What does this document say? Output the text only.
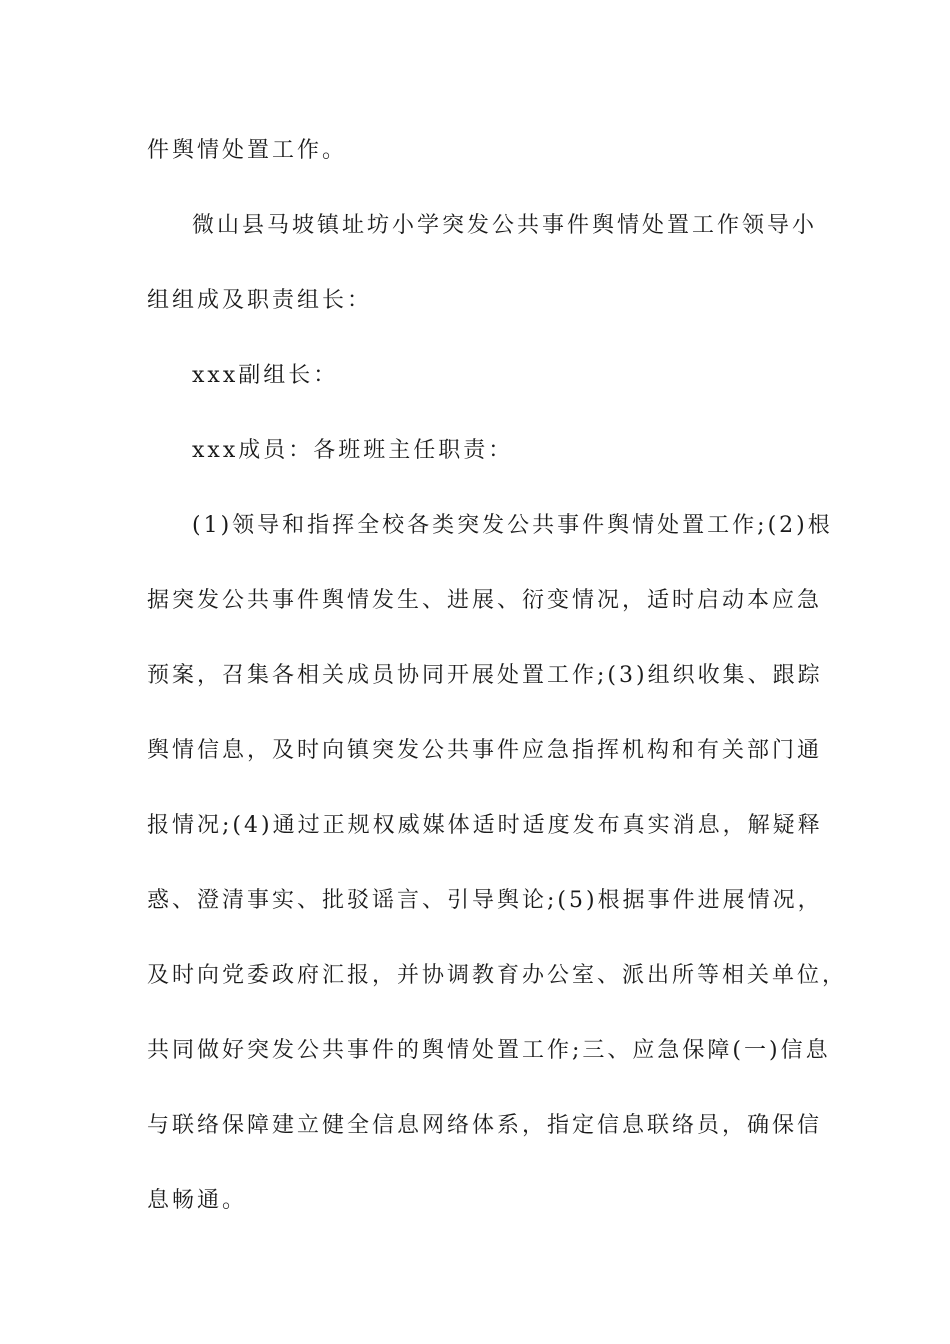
件舆情处置工作。
微山县马坡镇址坊小学突发公共事件舆情处置工作领导小
组组成及职责组长：
xxx副组长：
xxx成员：各班班主任职责：
(1)领导和指挥全校各类突发公共事件舆情处置工作;(2)根
据突发公共事件舆情发生、进展、衍变情况，适时启动本应急
预案，召集各相关成员协同开展处置工作;(3)组织收集、跟踪
舆情信息，及时向镇突发公共事件应急指挥机构和有关部门通
报情况;(4)通过正规权威媒体适时适度发布真实消息，解疑释
惑、澄清事实、批驳谣言、引导舆论;(5)根据事件进展情况，
及时向党委政府汇报，并协调教育办公室、派出所等相关单位，
共同做好突发公共事件的舆情处置工作;三、应急保障(一)信息
与联络保障建立健全信息网络体系，指定信息联络员，确保信
息畅通。
